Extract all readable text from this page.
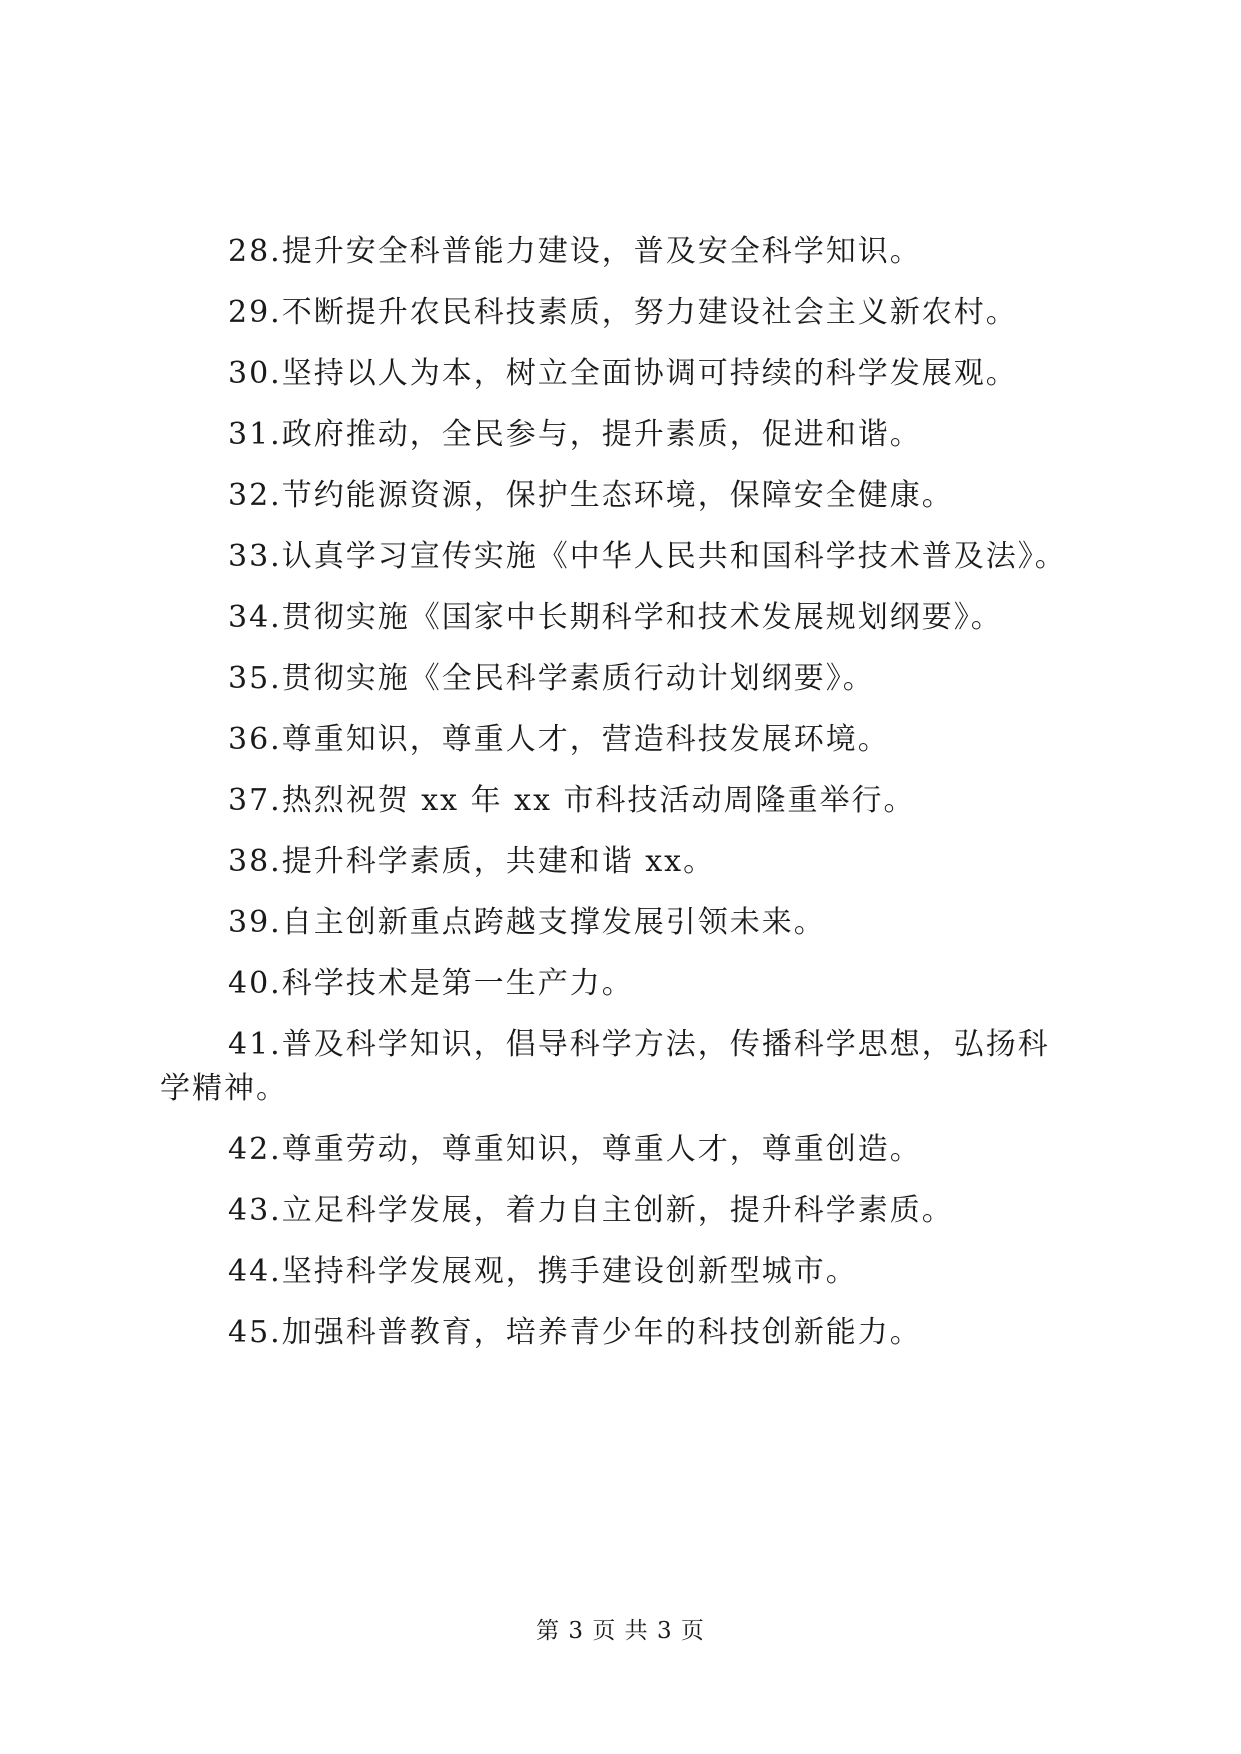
28.提升安全科普能力建设，普及安全科学知识。

29.不断提升农民科技素质，努力建设社会主义新农村。

30.坚持以人为本，树立全面协调可持续的科学发展观。

31.政府推动，全民参与，提升素质，促进和谐。

32.节约能源资源，保护生态环境，保障安全健康。

33.认真学习宣传实施《中华人民共和国科学技术普及法》。

34.贯彻实施《国家中长期科学和技术发展规划纲要》。

35.贯彻实施《全民科学素质行动计划纲要》。

36.尊重知识，尊重人才，营造科技发展环境。

37.热烈祝贺 xx 年 xx 市科技活动周隆重举行。

38.提升科学素质，共建和谐 xx。

39.自主创新重点跨越支撑发展引领未来。

40.科学技术是第一生产力。

41.普及科学知识，倡导科学方法，传播科学思想，弘扬科学精神。

42.尊重劳动，尊重知识，尊重人才，尊重创造。

43.立足科学发展，着力自主创新，提升科学素质。

44.坚持科学发展观，携手建设创新型城市。

45.加强科普教育，培养青少年的科技创新能力。

第 3 页 共 3 页
